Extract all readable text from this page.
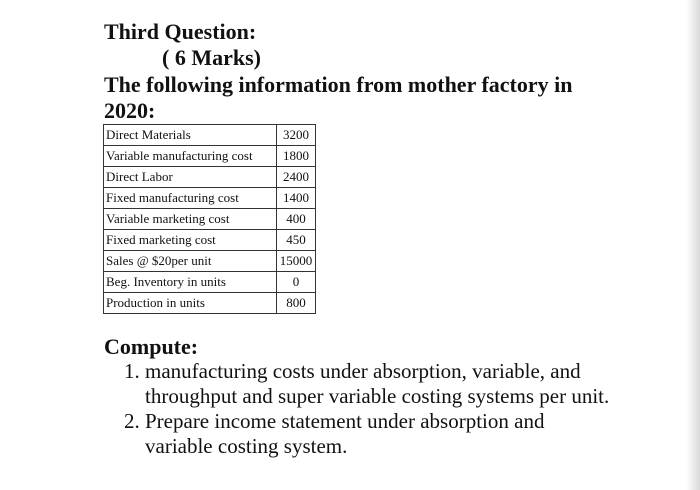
Third Question:
( 6 Marks)
The following information from mother factory in
2020:
Direct Materials	3200
Variable manufacturing cost	1800
Direct Labor	2400
Fixed manufacturing cost	1400
Variable marketing cost	400
Fixed marketing cost	450
Sales @ $20per unit	15000
Beg. Inventory in units	0
Production in units	800
Compute:
1. manufacturing costs under absorption, variable, and throughput and super variable costing systems per unit.
2. Prepare income statement under absorption and variable costing system.
